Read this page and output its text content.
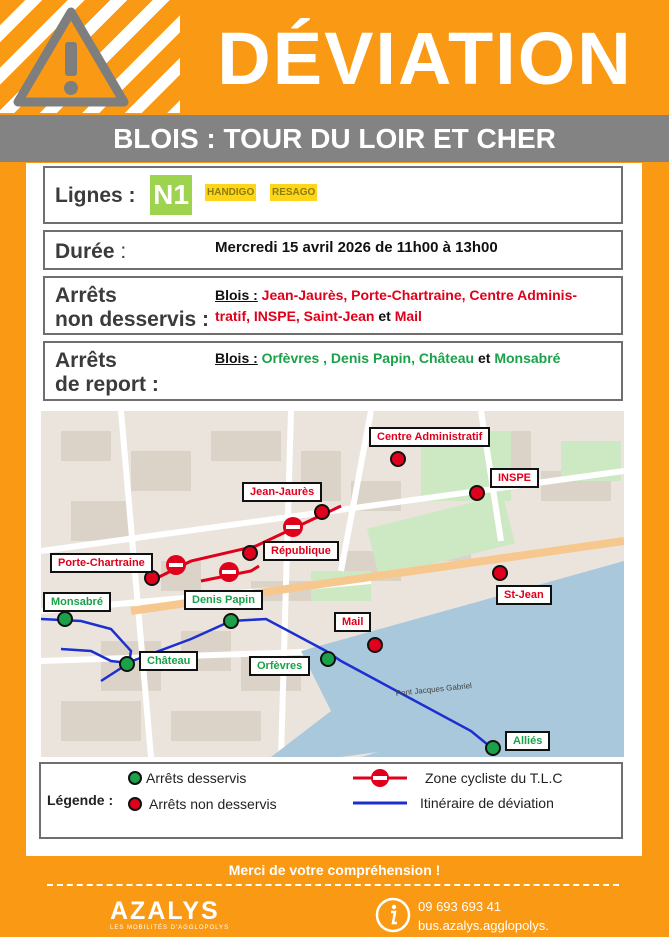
DÉVIATION
BLOIS : TOUR DU LOIR ET CHER
Lignes : N1	HANDIGO RESAGO
Durée :	Mercredi 15 avril 2026 de 11h00 à 13h00
Arrêts
non desservis :
Blois : Jean-Jaurès, Porte-Chartraine, Centre Adminis-
tratif, INSPE, Saint-Jean et Mail
Arrêts
de report :
Blois : Orfèvres , Denis Papin, Château et Monsabré
Pont Jacques Gabriel
Centre Administratif
INSPE
Jean-Jaurès
République
Porte-Chartraine
St-Jean
Mail
Monsabré	Denis Papin
Château	Orfèvres
Alliés
Légende :
Arrêts desservis
Arrêts non desservis
Zone cycliste du T.L.C
Itinéraire de déviation
Merci de votre compréhension !
AZALYS
LES MOBILITÉS D'AGGLOPOLYS
09 693 693 41
bus.azalys.agglopolys.
